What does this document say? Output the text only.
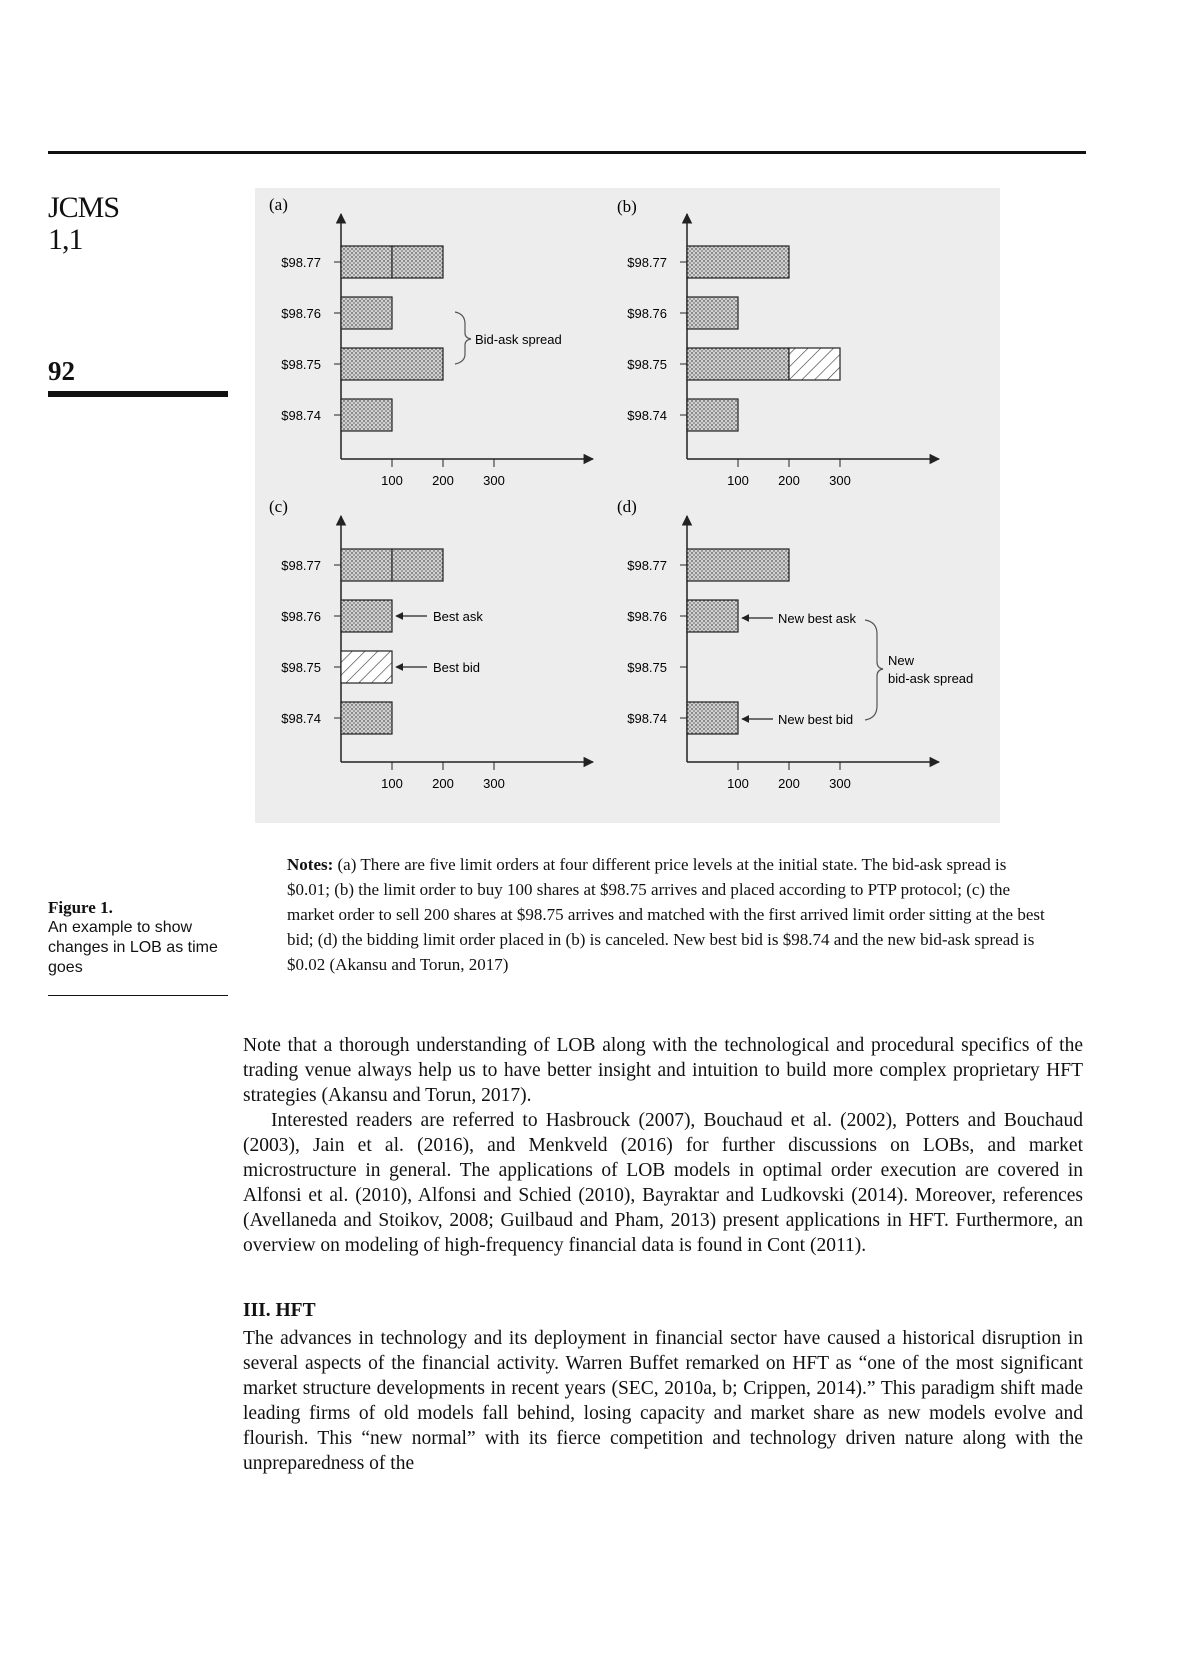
JCMS
1,1
92
(a)
100 200 300
$98.77
$98.76
$98.75
$98.74
Bid-ask spread
(b)
100 200 300
$98.77
$98.76
$98.75
$98.74
(c)
100 200 300
$98.77
$98.76
$98.75
$98.74
Best ask
Best bid
(d)
100 200 300
$98.77
$98.76
$98.75
$98.74
New best ask
New best bid
New
bid-ask spread
Notes: (a) There are five limit orders at four different price levels at the initial state. The bid-ask spread is $0.01; (b) the limit order to buy 100 shares at $98.75 arrives and placed according to PTP protocol; (c) the market order to sell 200 shares at $98.75 arrives and matched with the first arrived limit order sitting at the best bid; (d) the bidding limit order placed in (b) is canceled. New best bid is $98.74 and the new bid-ask spread is $0.02 (Akansu and Torun, 2017)
Figure 1.
An example to show changes in LOB as time goes
Note that a thorough understanding of LOB along with the technological and procedural specifics of the trading venue always help us to have better insight and intuition to build more complex proprietary HFT strategies (Akansu and Torun, 2017).
Interested readers are referred to Hasbrouck (2007), Bouchaud et al. (2002), Potters and Bouchaud (2003), Jain et al. (2016), and Menkveld (2016) for further discussions on LOBs, and market microstructure in general. The applications of LOB models in optimal order execution are covered in Alfonsi et al. (2010), Alfonsi and Schied (2010), Bayraktar and Ludkovski (2014). Moreover, references (Avellaneda and Stoikov, 2008; Guilbaud and Pham, 2013) present applications in HFT. Furthermore, an overview on modeling of high-frequency financial data is found in Cont (2011).
III. HFT
The advances in technology and its deployment in financial sector have caused a historical disruption in several aspects of the financial activity. Warren Buffet remarked on HFT as “one of the most significant market structure developments in recent years (SEC, 2010a, b; Crippen, 2014).” This paradigm shift made leading firms of old models fall behind, losing capacity and market share as new models evolve and flourish. This “new normal” with its fierce competition and technology driven nature along with the unpreparedness of the
